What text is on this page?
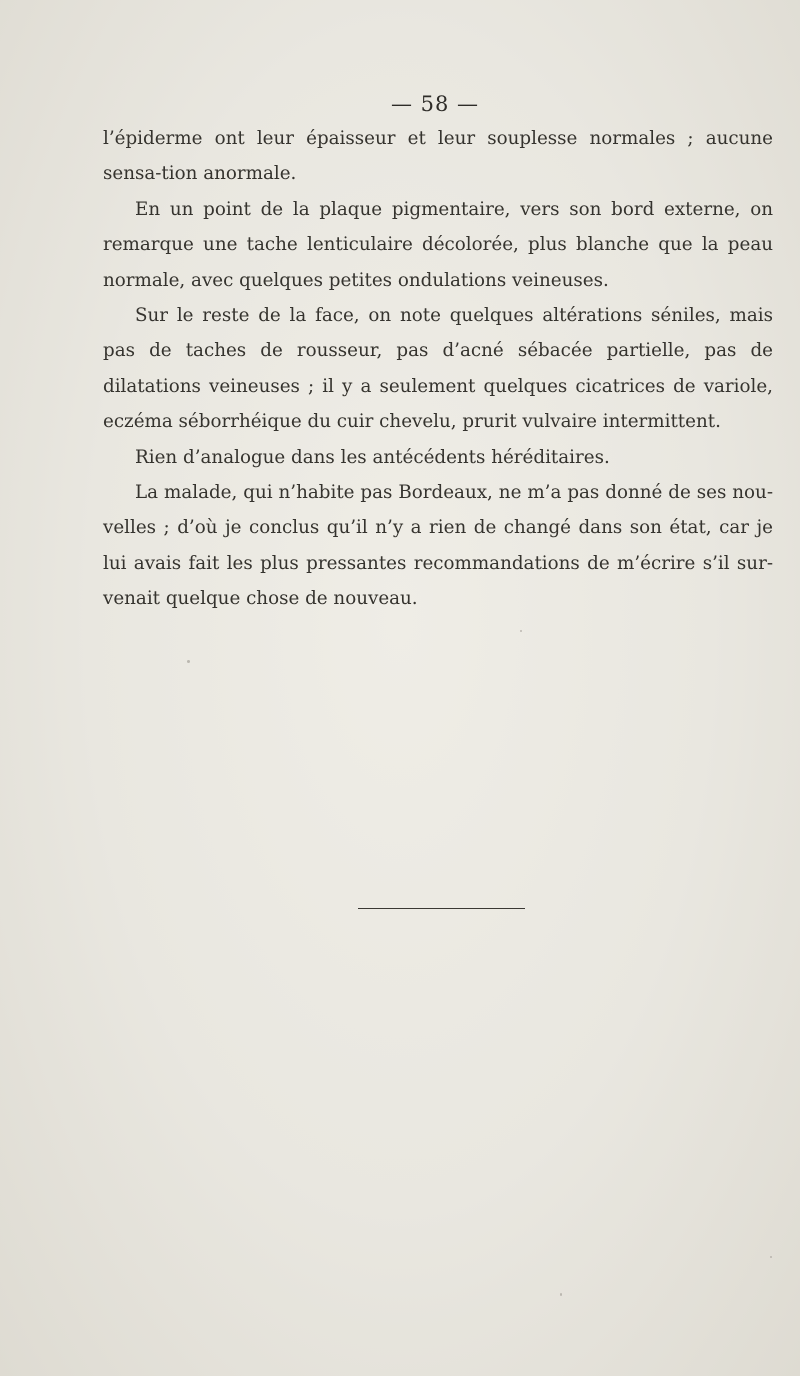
— 58 —

l’épiderme ont leur épaisseur et leur souplesse normales ; aucune sensa-tion anormale.

En un point de la plaque pigmentaire, vers son bord externe, on remarque une tache lenticulaire décolorée, plus blanche que la peau normale, avec quelques petites ondulations veineuses.

Sur le reste de la face, on note quelques altérations séniles, mais pas de taches de rousseur, pas d’acné sébacée partielle, pas de dilatations veineuses ; il y a seulement quelques cicatrices de variole, eczéma séborrhéique du cuir chevelu, prurit vulvaire intermittent.

Rien d’analogue dans les antécédents héréditaires.

La malade, qui n’habite pas Bordeaux, ne m’a pas donné de ses nou-velles ; d’où je conclus qu’il n’y a rien de changé dans son état, car je lui avais fait les plus pressantes recommandations de m’écrire s’il sur-venait quelque chose de nouveau.
